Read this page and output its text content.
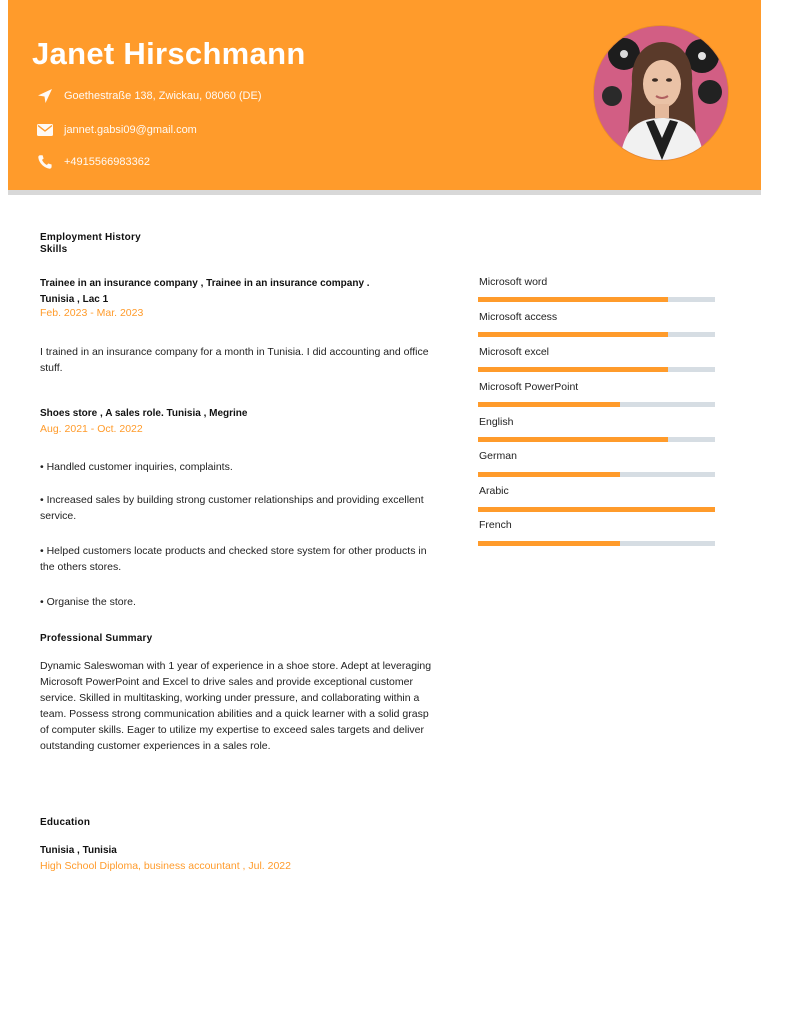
Janet Hirschmann
Goethestraße 138, Zwickau, 08060 (DE)
jannet.gabsi09@gmail.com
+4915566983362
Employment History
Skills
Trainee in an insurance company , Trainee in an insurance company .
Tunisia , Lac 1
Feb. 2023 - Mar. 2023
I trained in an insurance company for a month in Tunisia. I did accounting and office stuff.
Shoes store , A sales role. Tunisia , Megrine
Aug. 2021 - Oct. 2022
• Handled customer inquiries, complaints.
• Increased sales by building strong customer relationships and providing excellent service.
• Helped customers locate products and checked store system for other products in the others stores.
• Organise the store.
Professional Summary
Dynamic Saleswoman with 1 year of experience in a shoe store. Adept at leveraging Microsoft PowerPoint and Excel to drive sales and provide exceptional customer service. Skilled in multitasking, working under pressure, and collaborating within a team. Possess strong communication abilities and a quick learner with a solid grasp of computer skills. Eager to utilize my expertise to exceed sales targets and deliver outstanding customer experiences in a sales role.
Education
Tunisia , Tunisia
High School Diploma, business accountant , Jul. 2022
Microsoft word
Microsoft access
Microsoft excel
Microsoft PowerPoint
English
German
Arabic
French
